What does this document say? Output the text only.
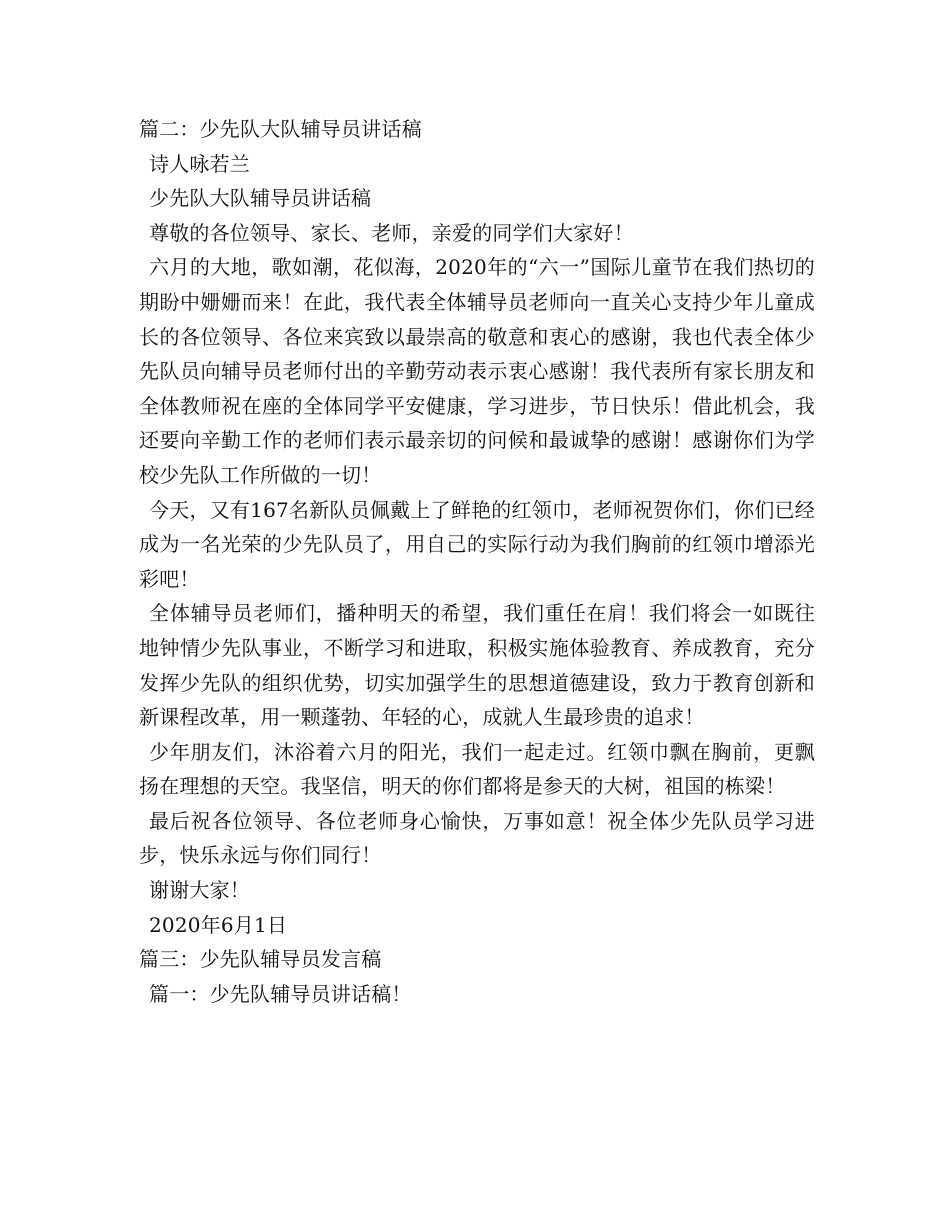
篇二：少先队大队辅导员讲话稿

诗人咏若兰

少先队大队辅导员讲话稿

尊敬的各位领导、家长、老师，亲爱的同学们大家好！

六月的大地，歌如潮，花似海，2020年的“六一”国际儿童节在我们热切的期盼中姗姗而来！在此，我代表全体辅导员老师向一直关心支持少年儿童成长的各位领导、各位来宾致以最崇高的敬意和衷心的感谢，我也代表全体少先队员向辅导员老师付出的辛勤劳动表示衷心感谢！我代表所有家长朋友和全体教师祝在座的全体同学平安健康，学习进步，节日快乐！借此机会，我还要向辛勤工作的老师们表示最亲切的问候和最诚挚的感谢！感谢你们为学校少先队工作所做的一切！

今天，又有167名新队员佩戴上了鲜艳的红领巾，老师祝贺你们，你们已经成为一名光荣的少先队员了，用自己的实际行动为我们胸前的红领巾增添光彩吧！

全体辅导员老师们，播种明天的希望，我们重任在肩！我们将会一如既往地钟情少先队事业，不断学习和进取，积极实施体验教育、养成教育，充分发挥少先队的组织优势，切实加强学生的思想道德建设，致力于教育创新和新课程改革，用一颗蓬勃、年轻的心，成就人生最珍贵的追求！

少年朋友们，沐浴着六月的阳光，我们一起走过。红领巾飘在胸前，更飘扬在理想的天空。我坚信，明天的你们都将是参天的大树，祖国的栋梁！

最后祝各位领导、各位老师身心愉快，万事如意！祝全体少先队员学习进步，快乐永远与你们同行！

谢谢大家！

2020年6月1日

篇三：少先队辅导员发言稿

篇一：少先队辅导员讲话稿！
